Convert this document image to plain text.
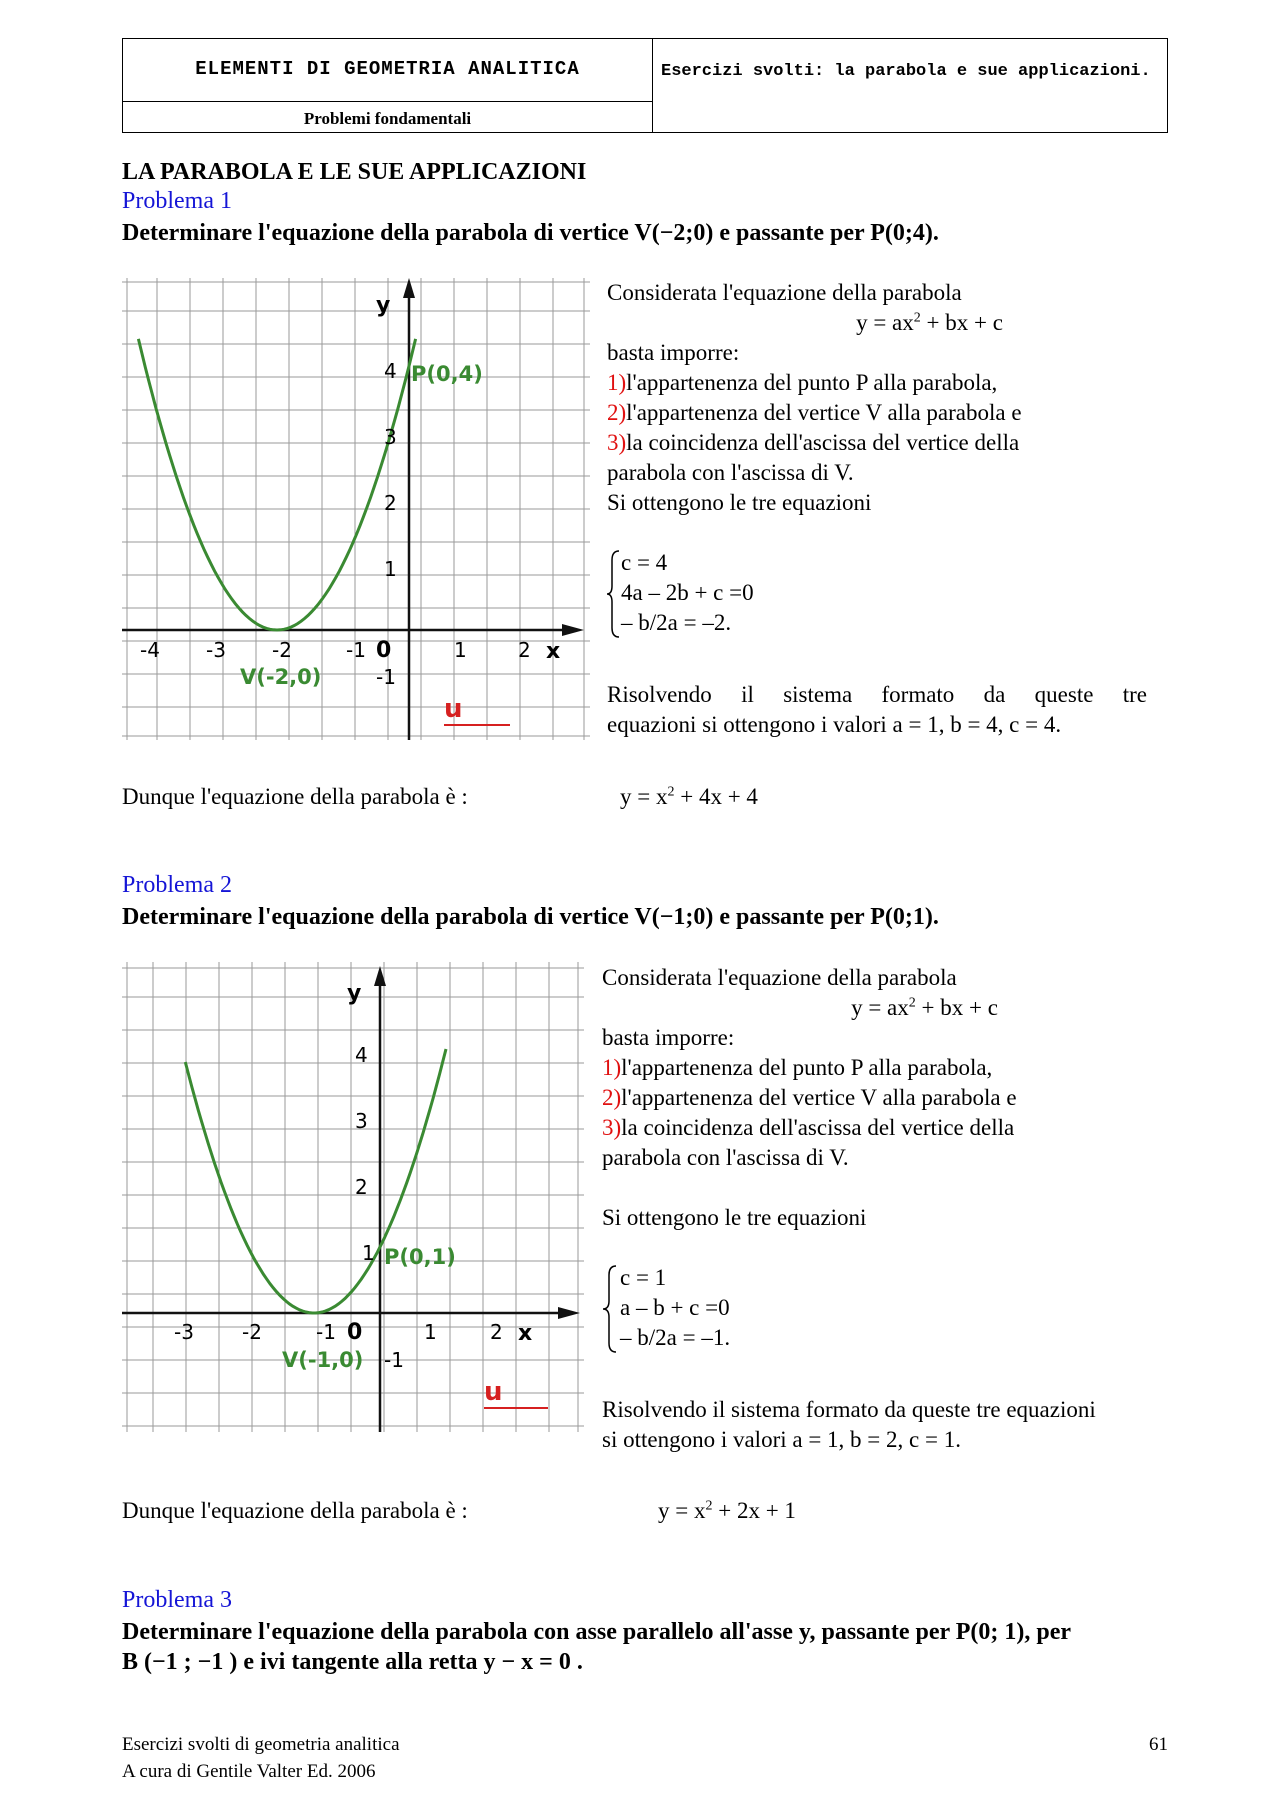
ELEMENTI DI GEOMETRIA ANALITICA
Problemi fondamentali
Esercizi svolti: la parabola e sue applicazioni.
LA PARABOLA E LE SUE APPLICAZIONI
Problema 1
Determinare l'equazione della parabola di vertice V(−2;0) e passante per P(0;4).
y
x
-4 -3 -2	-1 0	1	2
4
3
2
1
-1
P(0,4)
V(-2,0)
u
Considerata l'equazione della parabola
$y = ax^2$ + bx + c
basta imporre:
1)l'appartenenza del punto P alla parabola,
2)l'appartenenza del vertice V alla parabola e
3)la coincidenza dell'ascissa del vertice della
parabola con l'ascissa di V.
Si ottengono le tre equazioni
c = 4
4a – 2b + c =0
– b/2a = –2.
Risolvendo il sistema formato da queste tre
equazioni si ottengono i valori a = 1, b = 4, c = 4.
Dunque l'equazione della parabola è :	$y = x^2 + 4x + 4$
Problema 2
Determinare l'equazione della parabola di vertice V(−1;0) e passante per P(0;1).
y
x
-3 -2	-1 0	1	2
4
3
2
1
-1
P(0,1)
V(-1,0)
u
Considerata l'equazione della parabola
$y = ax^2$ + bx + c
basta imporre:
1)l'appartenenza del punto P alla parabola,
2)l'appartenenza del vertice V alla parabola e
3)la coincidenza dell'ascissa del vertice della
parabola con l'ascissa di V.
Si ottengono le tre equazioni
c = 1
a – b + c =0
– b/2a = –1.
Risolvendo il sistema formato da queste tre equazioni
si ottengono i valori a = 1, b = 2, c = 1.
Dunque l'equazione della parabola è :	$y = x^2 + 2x + 1$
Problema 3
Determinare l'equazione della parabola con asse parallelo all'asse y, passante per P(0; 1), per
B (−1 ; −1 ) e ivi tangente alla retta y − x = 0 .
Esercizi svolti di geometria analitica
A cura di Gentile Valter Ed. 2006
61
